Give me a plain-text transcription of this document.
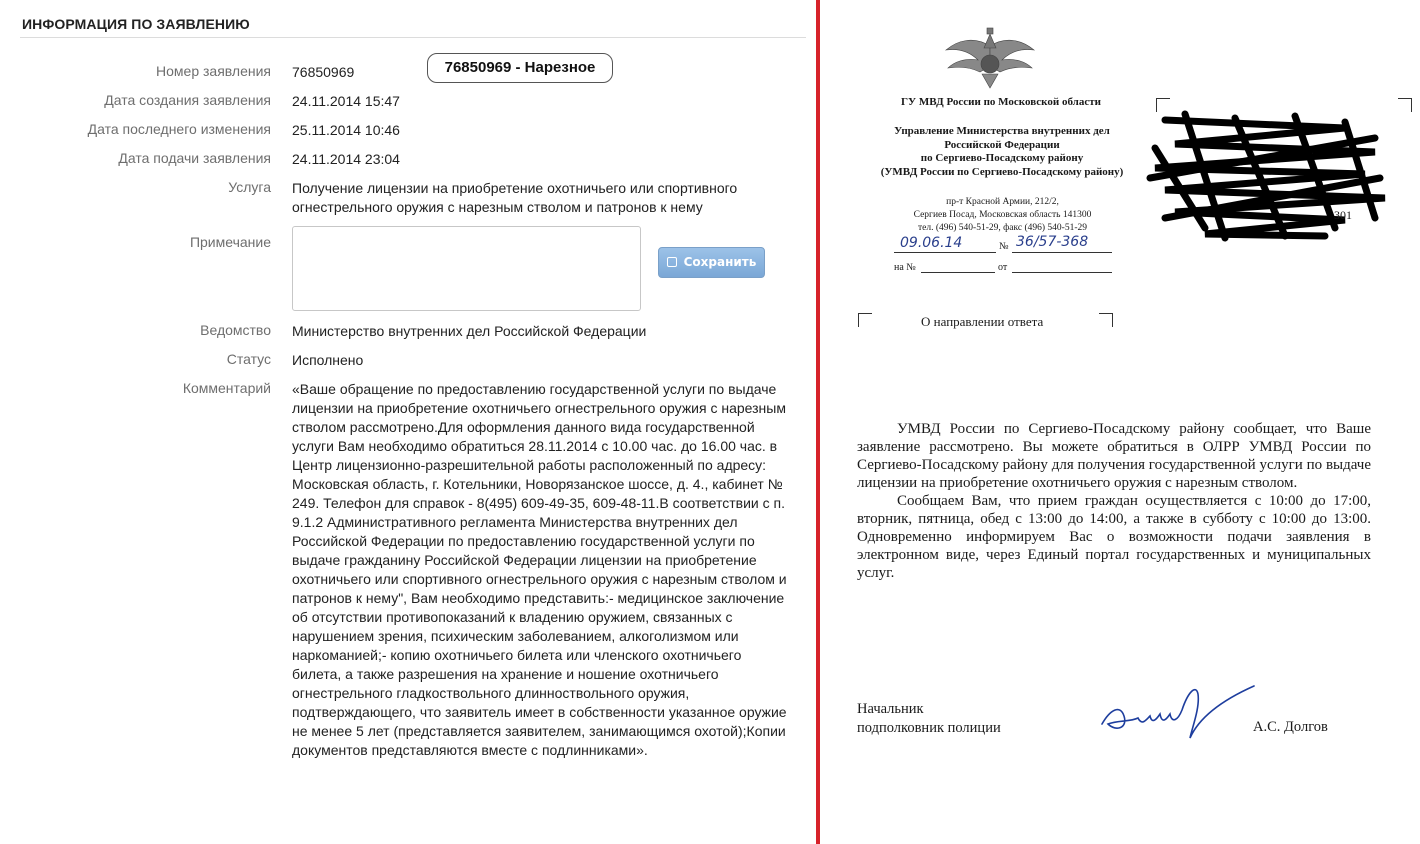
ИНФОРМАЦИЯ ПО ЗАЯВЛЕНИЮ
Номер заявления 76850969	76850969 - Нарезное
Дата создания заявления 24.11.2014 15:47
Дата последнего изменения 25.11.2014 10:46
Дата подачи заявления 24.11.2014 23:04
Услуга Получение лицензии на приобретение охотничьего или спортивного огнестрельного оружия с нарезным стволом и патронов к нему
Примечание
Сохранить
Ведомство Министерство внутренних дел Российской Федерации
Статус Исполнено
Комментарий «Ваше обращение по предоставлению государственной услуги по выдаче лицензии на приобретение охотничьего огнестрельного оружия с нарезным стволом рассмотрено.Для оформления данного вида государственной услуги Вам необходимо обратиться 28.11.2014 с 10.00 час. до 16.00 час. в Центр лицензионно-разрешительной работы расположенный по адресу: Московская область, г. Котельники, Новорязанское шоссе, д. 4., кабинет № 249. Телефон для справок - 8(495) 609-49-35, 609-48-11.В соответствии с п. 9.1.2 Административного регламента Министерства внутренних дел Российской Федерации по предоставлению государственной услуги по выдаче гражданину Российской Федерации лицензии на приобретение охотничьего или спортивного огнестрельного оружия с нарезным стволом и патронов к нему", Вам необходимо представить:- медицинское заключение об отсутствии противопоказаний к владению оружием, связанных с нарушением зрения, психическим заболеванием, алкоголизмом или наркоманией;- копию охотничьего билета или членского охотничьего билета, а также разрешения на хранение и ношение охотничьего огнестрельного гладкоствольного длинноствольного оружия, подтверждающего, что заявитель имеет в собственности указанное оружие не менее 5 лет (представляется заявителем, занимающимся охотой);Копии документов представляются вместе с подлинниками».
ГУ МВД России по Московской области
Управление Министерства внутренних дел
Российской Федерации
по Сергиево-Посадскому району
(УМВД России по Сергиево-Посадскому району)
пр-т Красной Армии, 212/2,
Сергиев Посад, Московская область 141300
тел. (496) 540-51-29, факс (496) 540-51-29
09.06.14	№ 36/57-368
на №	от
301
О направлении ответа

УМВД России по Сергиево-Посадскому району сообщает, что Ваше заявление рассмотрено. Вы можете обратиться в ОЛРР УМВД России по Сергиево-Посадскому району для получения государственной услуги по выдаче лицензии на приобретение охотничьего оружия с нарезным стволом.

Сообщаем Вам, что прием граждан осуществляется с 10:00 до 17:00, вторник, пятница, обед с 13:00 до 14:00, а также в субботу с 10:00 до 13:00. Одновременно информируем Вас о возможности подачи заявления в электронном виде, через Единый портал государственных и муниципальных услуг.

Начальник
подполковник полиции	А.С. Долгов
